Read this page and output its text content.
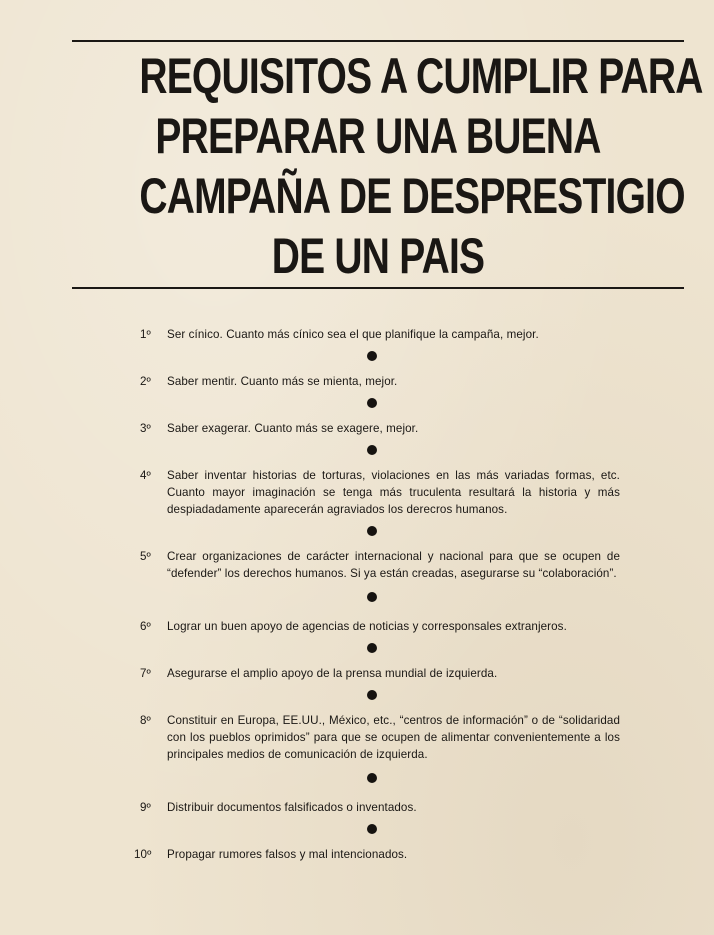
REQUISITOS A CUMPLIR PARA
PREPARAR UNA BUENA
CAMPAÑA DE DESPRESTIGIO
DE UN PAIS
1º	Ser cínico. Cuanto más cínico sea el que planifique la campaña, mejor.
2º	Saber mentir. Cuanto más se mienta, mejor.
3º	Saber exagerar. Cuanto más se exagere, mejor.
4º	Saber inventar historias de torturas, violaciones en las más variadas formas, etc. Cuanto mayor imaginación se tenga más truculenta resultará la historia y más despiadadamente aparecerán agraviados los derecros humanos.
5º	Crear organizaciones de carácter internacional y nacional para que se ocupen de “defender” los derechos humanos. Si ya están creadas, asegurarse su “colaboración”.
6º	Lograr un buen apoyo de agencias de noticias y corresponsales extranjeros.
7º	Asegurarse el amplio apoyo de la prensa mundial de izquierda.
8º	Constituir en Europa, EE.UU., México, etc., “centros de información” o de “solidaridad con los pueblos oprimidos” para que se ocupen de alimentar convenientemente a los principales medios de comunicación de izquierda.
9º	Distribuir documentos falsificados o inventados.
10º	Propagar rumores falsos y mal intencionados.
